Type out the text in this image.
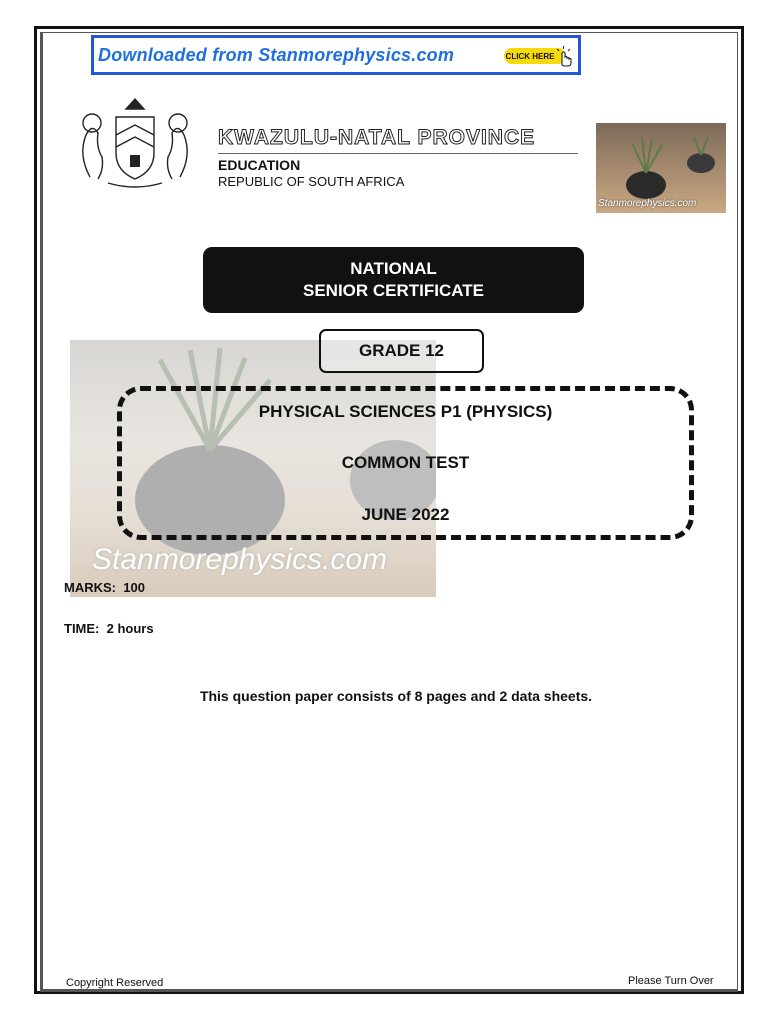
Downloaded from Stanmorephysics.com	CLICK HERE
KWAZULU-NATAL PROVINCE
EDUCATION
REPUBLIC OF SOUTH AFRICA
Stanmorephysics.com
NATIONAL
SENIOR CERTIFICATE
Stanmorephysics.com
GRADE 12
PHYSICAL SCIENCES P1 (PHYSICS)
COMMON TEST
JUNE 2022
MARKS: 100
TIME: 2 hours
This question paper consists of 8 pages and 2 data sheets.
Copyright Reserved	Please Turn Over
